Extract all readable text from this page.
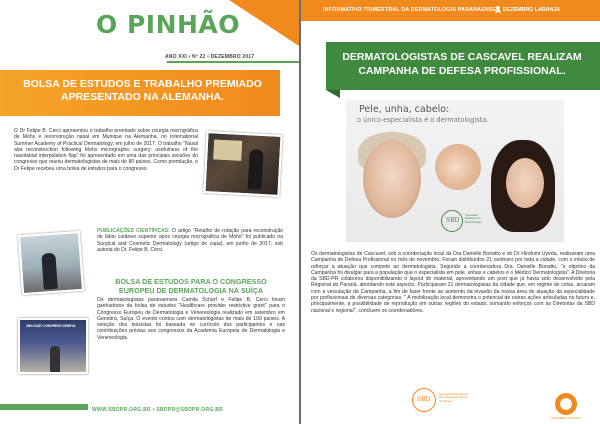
O PINHÃO
ANO XXI • Nº 22 • DEZEMBRO 2017
BOLSA DE ESTUDOS E TRABALHO PREMIADO APRESENTADO NA ALEMANHA.
O Dr Felipe B. Cerci apresentou o trabalho premiado sobre cirurgia micrográfica de Mohs e reconstrução nasal em Munique na Alemanha, no International Summer Academy of Practical Dermatology, em julho de 2017. O trabalho "Nasal alar reconstruction following Mohs micrographic surgery: usefulness of the nasolabial interpolation flap" foi apresentado em uma das principais sessões do congresso que reuniu dermatologistas de mais de 80 países. Como premiação, o Dr Felipe recebeu uma bolsa de estudos para o congresso.
PUBLICAÇÕES CIENTÍFICAS: O artigo "Retalho de rotação para reconstrução de lábio cutâneo superior após cirurgia micrográfica de Mohs" foi publicado na Surgical and Cosmetic Dermatology (artigo de capa), em junho de 2017, sob autoria do Dr. Felipe B. Cerci.
BOLSA DE ESTUDOS PARA O CONGRESSO EUROPEU DE DERMATOLOGIA NA SUÍÇA
26th EADV CONGRESS GENEVA
Os dermatologistas paranaenses Camila Scharf e Felipe B. Cerci foram ganhadores da bolsa de estudos "Healthcare provider restrictive grant" para o Congresso Europeu de Dermatologia e Venereologia realizado em setembro em Genebra, Suíça. O evento contou com dermatologistas de mais de 100 países. A seleção dos bolsistas foi baseada no currículo dos participantes e nas contribuições prévias aos congressos da Academia Europeia de Dermatologia e Venereologia.
WWW.SBDPR.ORG.BR • SBDPR@SBDPR.ORG.BR
INFORMATIVO TRIMESTRAL DA DERMATOLOGIA PARANAENSE DEZEMBRO LARANJA
DERMATOLOGISTAS DE CASCAVEL REALIZAM CAMPANHA DE DEFESA PROFISSIONAL.
Pele, unha, cabelo:
o único especialista é o dermatologista.
SBD
Sociedade Brasileira de Dermatologia
Os dermatologistas de Cascavel, sob a coordenação local da Dra Danielle Bonatto e do Dr Hirofumi Uyeda, realizaram uma Campanha de Defesa Profissional no mês de novembro. Foram distribuídos 21 outdoors por toda a cidade, com o intuito de reforçar a atuação que compete ao dermatologista. Segundo a coordenadora Dra. Danielle Bonatto, "o objetivo da Campanha foi divulgar para a população que o especialista em pele, unhas e cabelos é o Médico Dermatologista". A Diretoria da SBD-PR colaborou disponibilizando o layout do material, aproveitando um post que já havia sido desenvolvido pela Regional do Paraná, abordando este aspecto. Participaram 21 dermatologistas da cidade que, em regime de cotas, arcaram com a veiculação da Campanha, a fim de fazer frente ao aumento da invasão da nossa área de atuação da especialidade por profissionais de diversas categorias. " A mobilização local demonstra o potencial de outras ações articuladas no futuro e, principalmente, a possibilidade de reprodução em outras regiões do estado, somando esforços com as Diretorias da SBD nacional e regional", concluem os coordenadores.
SBD
Sociedade Brasileira de Dermatologia Regional do Paraná
DEZEMBRO LARANJA
